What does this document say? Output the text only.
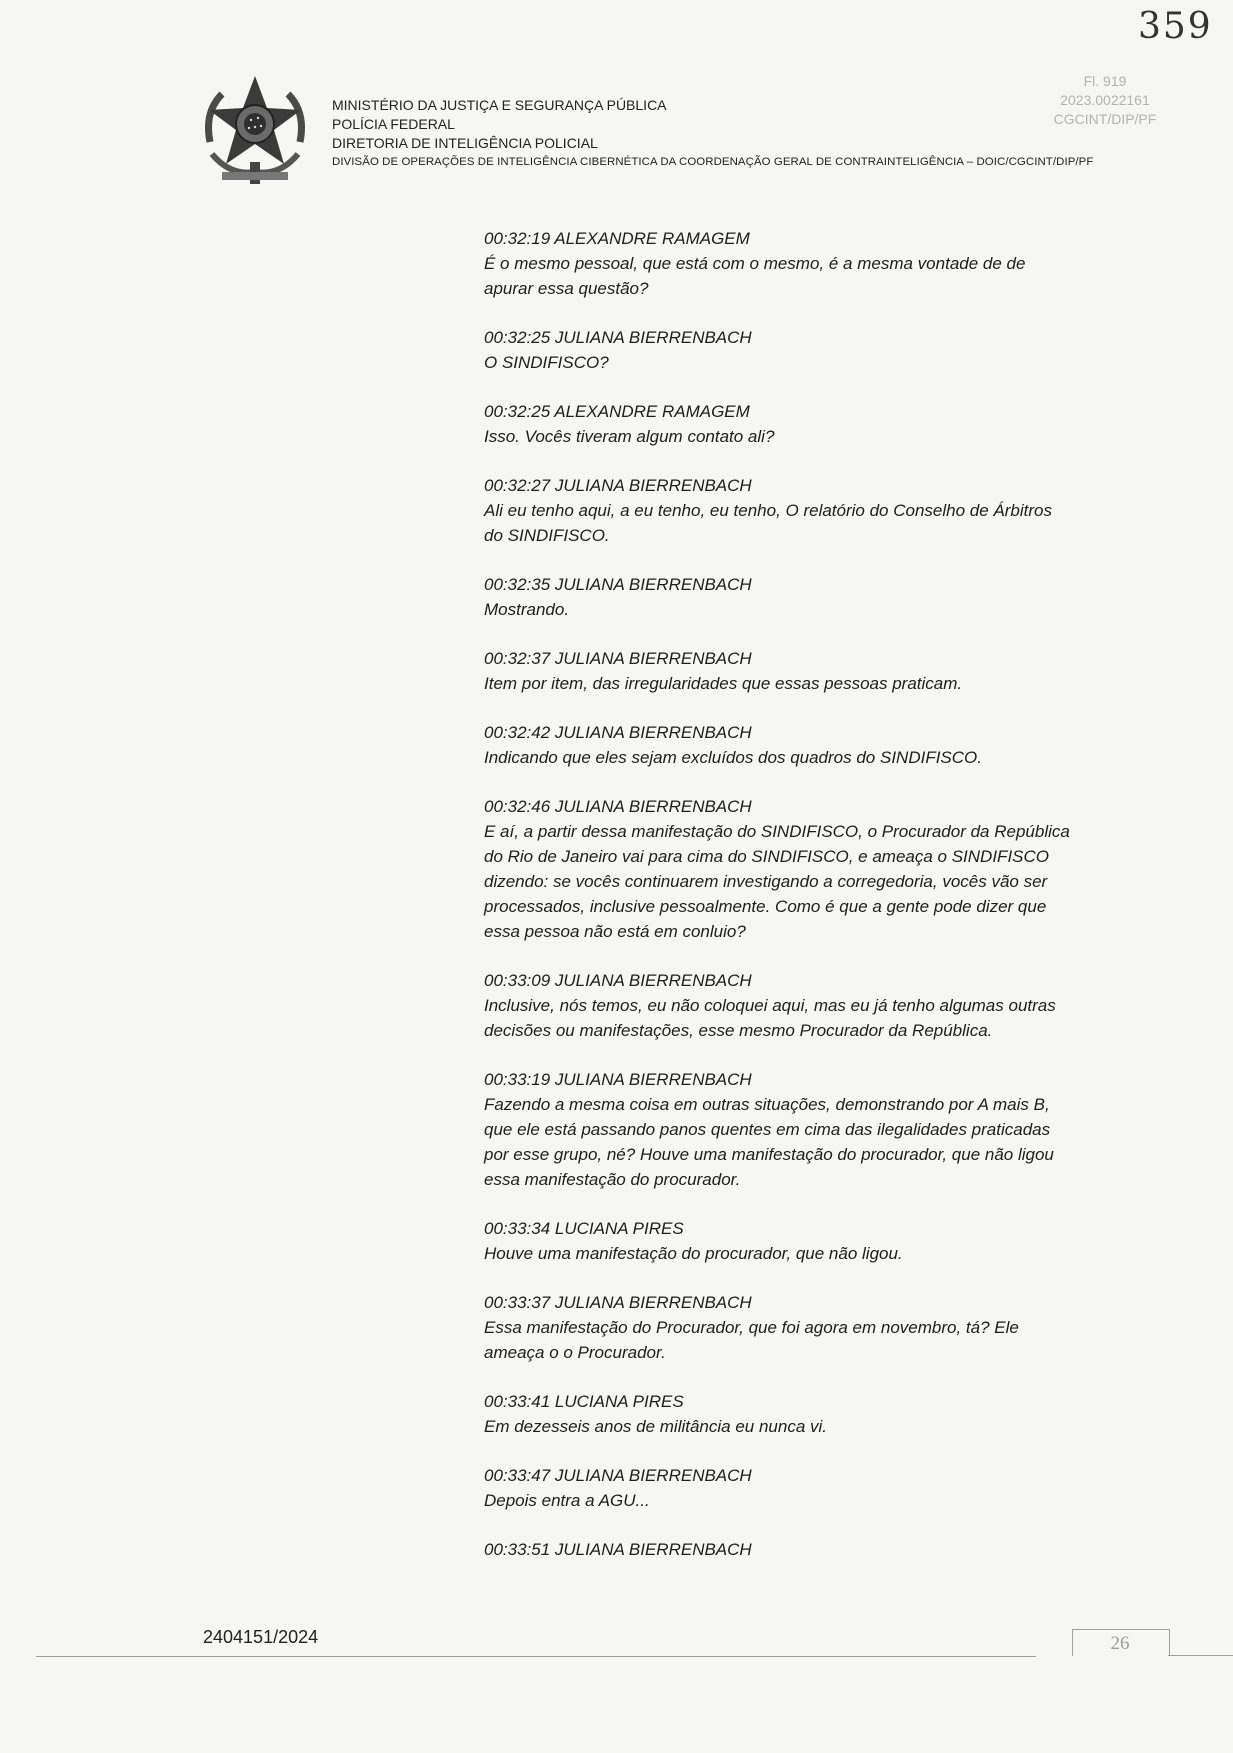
359
MINISTÉRIO DA JUSTIÇA E SEGURANÇA PÚBLICA
POLÍCIA FEDERAL
DIRETORIA DE INTELIGÊNCIA POLICIAL
DIVISÃO DE OPERAÇÕES DE INTELIGÊNCIA CIBERNÉTICA DA COORDENAÇÃO GERAL DE CONTRAINTELIGÊNCIA – DOIC/CGCINT/DIP/PF
Fl. 919
2023.0022161
CGCINT/DIP/PF
00:32:19 ALEXANDRE RAMAGEM
É o mesmo pessoal, que está com o mesmo, é a mesma vontade de de
apurar essa questão?
00:32:25 JULIANA BIERRENBACH
O SINDIFISCO?
00:32:25 ALEXANDRE RAMAGEM
Isso. Vocês tiveram algum contato ali?
00:32:27 JULIANA BIERRENBACH
Ali eu tenho aqui, a eu tenho, eu tenho, O relatório do Conselho de Árbitros
do SINDIFISCO.
00:32:35 JULIANA BIERRENBACH
Mostrando.
00:32:37 JULIANA BIERRENBACH
Item por item, das irregularidades que essas pessoas praticam.
00:32:42 JULIANA BIERRENBACH
Indicando que eles sejam excluídos dos quadros do SINDIFISCO.
00:32:46 JULIANA BIERRENBACH
E aí, a partir dessa manifestação do SINDIFISCO, o Procurador da República
do Rio de Janeiro vai para cima do SINDIFISCO, e ameaça o SINDIFISCO
dizendo: se vocês continuarem investigando a corregedoria, vocês vão ser
processados, inclusive pessoalmente. Como é que a gente pode dizer que
essa pessoa não está em conluio?
00:33:09 JULIANA BIERRENBACH
Inclusive, nós temos, eu não coloquei aqui, mas eu já tenho algumas outras
decisões ou manifestações, esse mesmo Procurador da República.
00:33:19 JULIANA BIERRENBACH
Fazendo a mesma coisa em outras situações, demonstrando por A mais B,
que ele está passando panos quentes em cima das ilegalidades praticadas
por esse grupo, né? Houve uma manifestação do procurador, que não ligou
essa manifestação do procurador.
00:33:34 LUCIANA PIRES
Houve uma manifestação do procurador, que não ligou.
00:33:37 JULIANA BIERRENBACH
Essa manifestação do Procurador, que foi agora em novembro, tá? Ele
ameaça o o Procurador.
00:33:41 LUCIANA PIRES
Em dezesseis anos de militância eu nunca vi.
00:33:47 JULIANA BIERRENBACH
Depois entra a AGU...
00:33:51 JULIANA BIERRENBACH
2404151/2024	26
